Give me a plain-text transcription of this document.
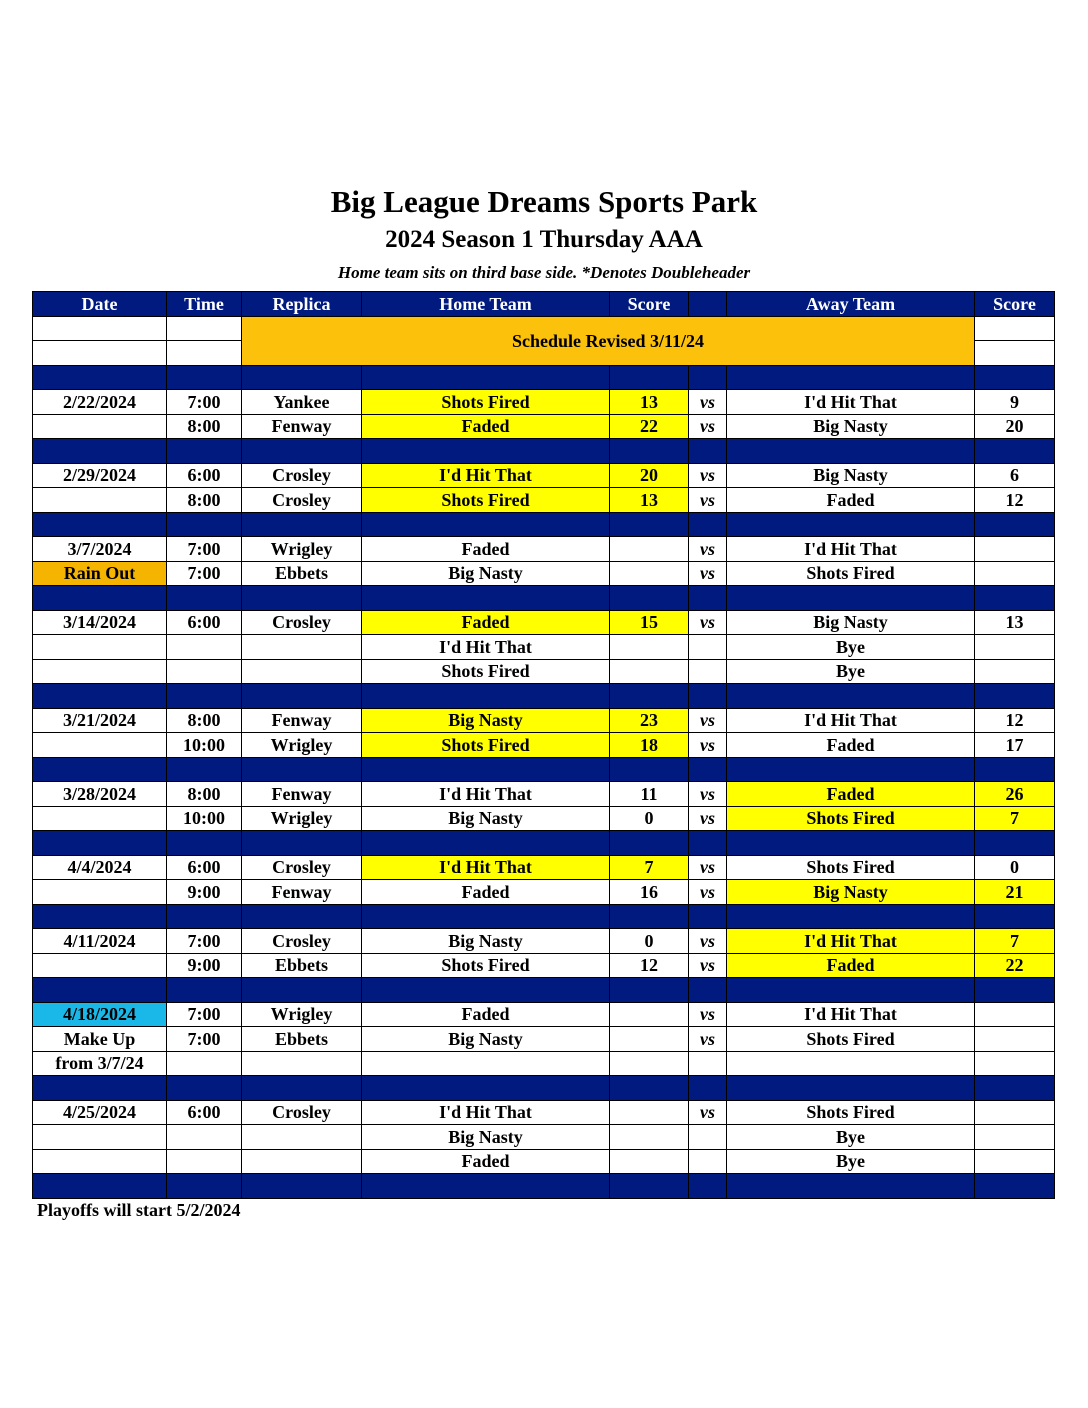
Big League Dreams Sports Park
2024 Season 1 Thursday AAA
Home team sits on third base side. *Denotes Doubleheader
Date	Time	Replica	Home Team	Score		Away Team	Score
		Schedule Revised 3/11/24					

2/22/2024	7:00	Yankee	Shots Fired	13	vs	I'd Hit That	9
	8:00	Fenway	Faded	22	vs	Big Nasty	20

2/29/2024	6:00	Crosley	I'd Hit That	20	vs	Big Nasty	6
	8:00	Crosley	Shots Fired	13	vs	Faded	12

3/7/2024	7:00	Wrigley	Faded		vs	I'd Hit That	
Rain Out	7:00	Ebbets	Big Nasty		vs	Shots Fired	

3/14/2024	6:00	Crosley	Faded	15	vs	Big Nasty	13
			I'd Hit That			Bye	
			Shots Fired			Bye	

3/21/2024	8:00	Fenway	Big Nasty	23	vs	I'd Hit That	12
	10:00	Wrigley	Shots Fired	18	vs	Faded	17

3/28/2024	8:00	Fenway	I'd Hit That	11	vs	Faded	26
	10:00	Wrigley	Big Nasty	0	vs	Shots Fired	7

4/4/2024	6:00	Crosley	I'd Hit That	7	vs	Shots Fired	0
	9:00	Fenway	Faded	16	vs	Big Nasty	21

4/11/2024	7:00	Crosley	Big Nasty	0	vs	I'd Hit That	7
	9:00	Ebbets	Shots Fired	12	vs	Faded	22

4/18/2024	7:00	Wrigley	Faded		vs	I'd Hit That	
Make Up	7:00	Ebbets	Big Nasty		vs	Shots Fired	
from 3/7/24							

4/25/2024	6:00	Crosley	I'd Hit That		vs	Shots Fired	
			Big Nasty			Bye	
			Faded			Bye	

Playoffs will start 5/2/2024
